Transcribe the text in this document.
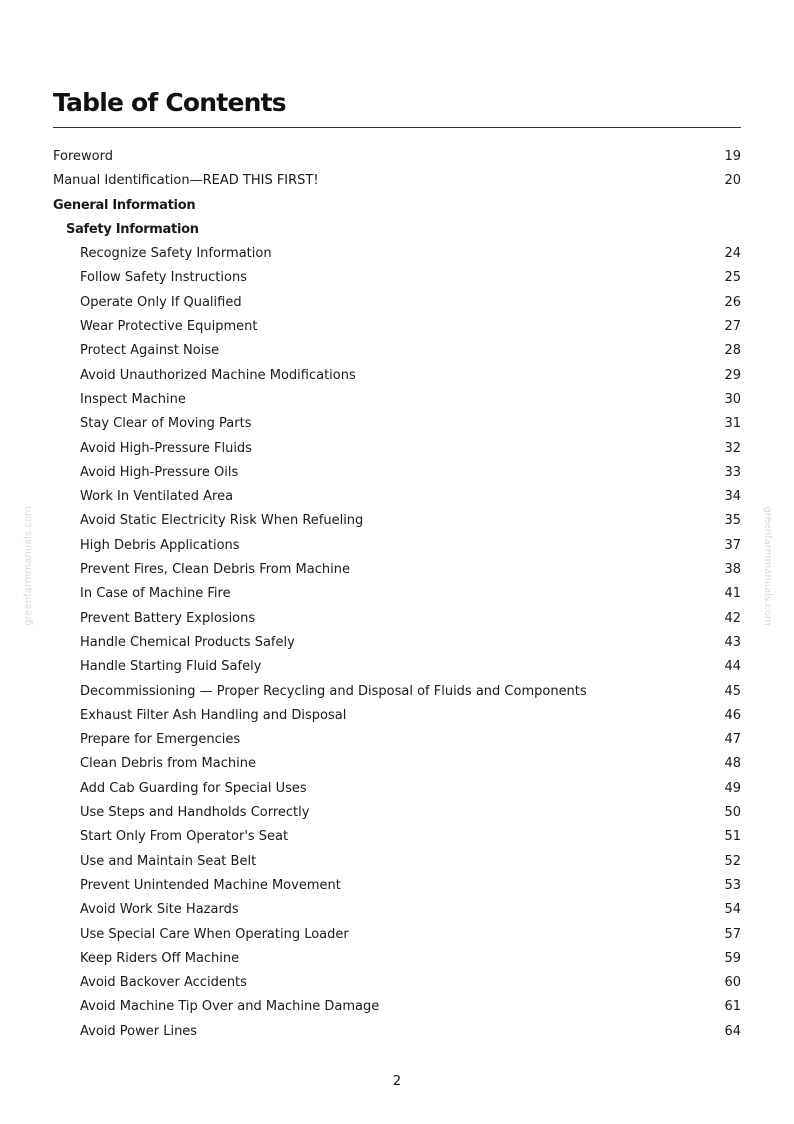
Table of Contents
Foreword	19
Manual Identification—READ THIS FIRST!	20
General Information
Safety Information
Recognize Safety Information	24
Follow Safety Instructions	25
Operate Only If Qualified	26
Wear Protective Equipment	27
Protect Against Noise	28
Avoid Unauthorized Machine Modifications	29
Inspect Machine	30
Stay Clear of Moving Parts	31
Avoid High-Pressure Fluids	32
Avoid High-Pressure Oils	33
Work In Ventilated Area	34
Avoid Static Electricity Risk When Refueling	35
High Debris Applications	37
Prevent Fires, Clean Debris From Machine	38
In Case of Machine Fire	41
Prevent Battery Explosions	42
Handle Chemical Products Safely	43
Handle Starting Fluid Safely	44
Decommissioning — Proper Recycling and Disposal of Fluids and Components	45
Exhaust Filter Ash Handling and Disposal	46
Prepare for Emergencies	47
Clean Debris from Machine	48
Add Cab Guarding for Special Uses	49
Use Steps and Handholds Correctly	50
Start Only From Operator's Seat	51
Use and Maintain Seat Belt	52
Prevent Unintended Machine Movement	53
Avoid Work Site Hazards	54
Use Special Care When Operating Loader	57
Keep Riders Off Machine	59
Avoid Backover Accidents	60
Avoid Machine Tip Over and Machine Damage	61
Avoid Power Lines	64
greenfarmmanuals.com	greenfarmmanuals.com
2
